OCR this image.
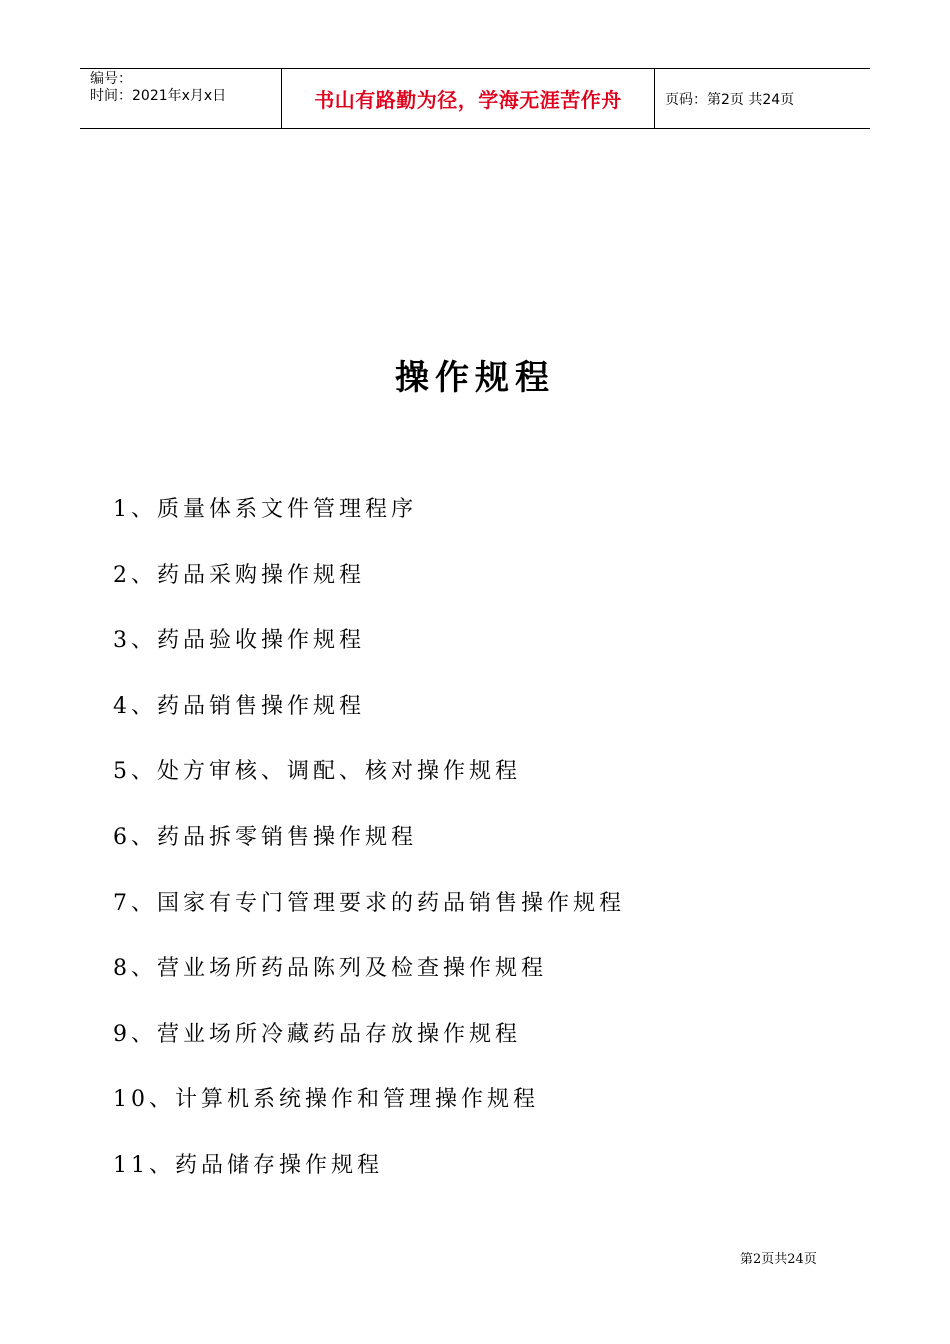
编号：
时间：2021年x月x日	书山有路勤为径，学海无涯苦作舟	页码：第2页 共24页
操作规程
1、质量体系文件管理程序
2、药品采购操作规程
3、药品验收操作规程
4、药品销售操作规程
5、处方审核、调配、核对操作规程
6、药品拆零销售操作规程
7、国家有专门管理要求的药品销售操作规程
8、营业场所药品陈列及检查操作规程
9、营业场所冷藏药品存放操作规程
10、计算机系统操作和管理操作规程
11、药品储存操作规程
第2页共24页
